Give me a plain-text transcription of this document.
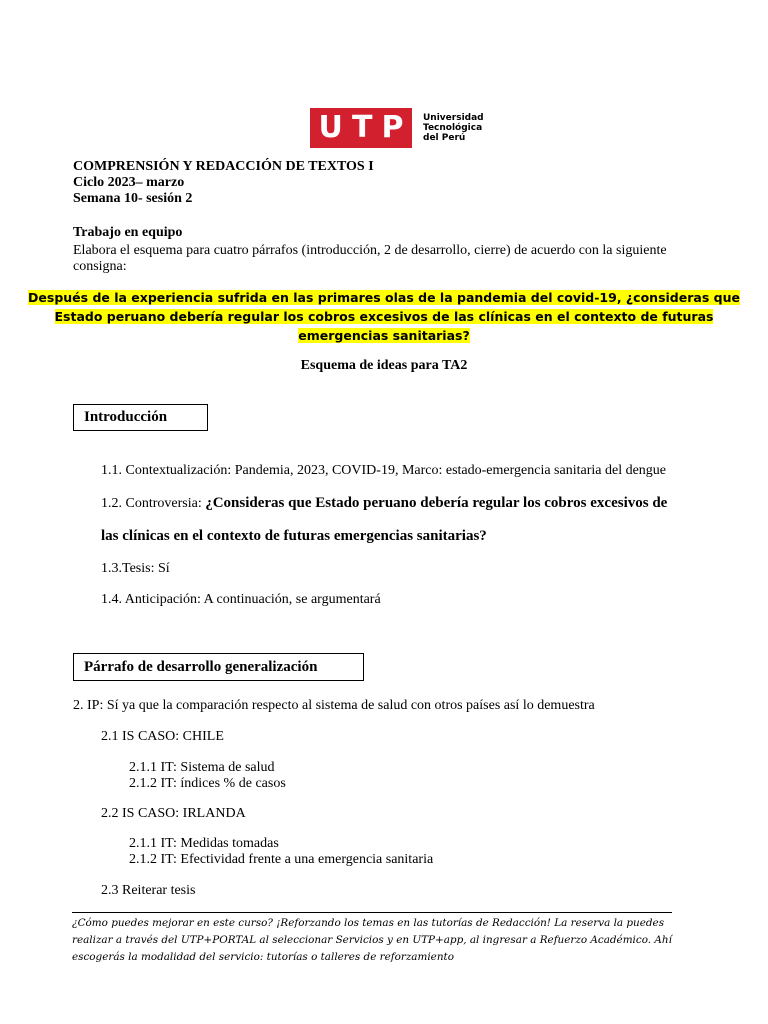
U T P Universidad
Tecnológica
del Perú
COMPRENSIÓN Y REDACCIÓN DE TEXTOS I
Ciclo 2023– marzo
Semana 10- sesión 2
Trabajo en equipo
Elabora el esquema para cuatro párrafos (introducción, 2 de desarrollo, cierre) de acuerdo con la siguiente
consigna:
Después de la experiencia sufrida en las primares olas de la pandemia del covid-19, ¿consideras que
Estado peruano debería regular los cobros excesivos de las clínicas en el contexto de futuras
emergencias sanitarias?
Esquema de ideas para TA2
Introducción
1.1. Contextualización: Pandemia, 2023, COVID-19, Marco: estado-emergencia sanitaria del dengue
1.2. Controversia: ¿Consideras que Estado peruano debería regular los cobros excesivos de
las clínicas en el contexto de futuras emergencias sanitarias?
1.3.Tesis: Sí
1.4. Anticipación: A continuación, se argumentará
Párrafo de desarrollo generalización
2. IP: Sí ya que la comparación respecto al sistema de salud con otros países así lo demuestra
2.1 IS CASO: CHILE
2.1.1 IT: Sistema de salud
2.1.2 IT: índices % de casos
2.2 IS CASO: IRLANDA
2.1.1 IT: Medidas tomadas
2.1.2 IT: Efectividad frente a una emergencia sanitaria
2.3 Reiterar tesis
¿Cómo puedes mejorar en este curso? ¡Reforzando los temas en las tutorías de Redacción! La reserva la puedes
realizar a través del UTP+PORTAL al seleccionar Servicios y en UTP+app, al ingresar a Refuerzo Académico. Ahí
escogerás la modalidad del servicio: tutorías o talleres de reforzamiento
